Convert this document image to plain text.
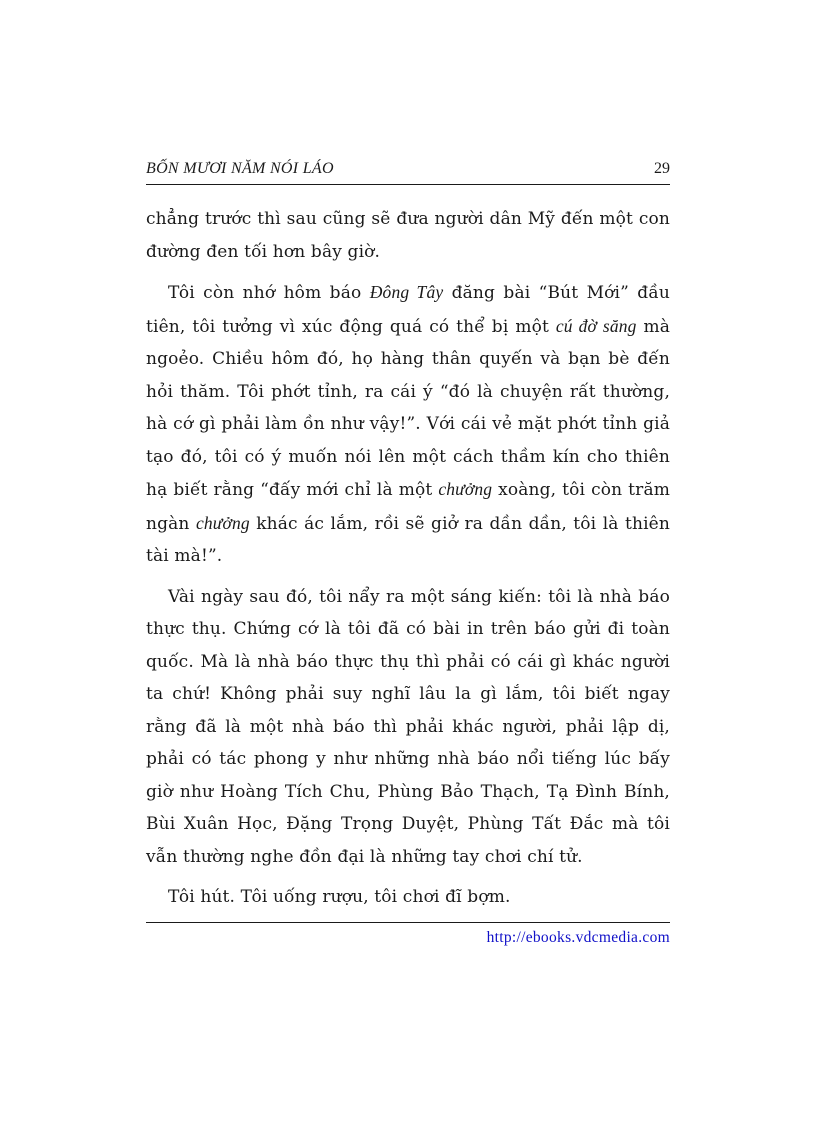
BỐN MƯƠI NĂM NÓI LÁO	29

chẳng trước thì sau cũng sẽ đưa người dân Mỹ đến một con đường đen tối hơn bây giờ.

Tôi còn nhớ hôm báo Đông Tây đăng bài “Bút Mới” đầu tiên, tôi tưởng vì xúc động quá có thể bị một cú đờ săng mà ngoẻo. Chiều hôm đó, họ hàng thân quyến và bạn bè đến hỏi thăm. Tôi phớt tỉnh, ra cái ý “đó là chuyện rất thường, hà cớ gì phải làm ồn như vậy!”. Với cái vẻ mặt phớt tỉnh giả tạo đó, tôi có ý muốn nói lên một cách thầm kín cho thiên hạ biết rằng “đấy mới chỉ là một chưởng xoàng, tôi còn trăm ngàn chưởng khác ác lắm, rồi sẽ giở ra dần dần, tôi là thiên tài mà!”.

Vài ngày sau đó, tôi nẩy ra một sáng kiến: tôi là nhà báo thực thụ. Chứng cớ là tôi đã có bài in trên báo gửi đi toàn quốc. Mà là nhà báo thực thụ thì phải có cái gì khác người ta chứ! Không phải suy nghĩ lâu la gì lắm, tôi biết ngay rằng đã là một nhà báo thì phải khác người, phải lập dị, phải có tác phong y như những nhà báo nổi tiếng lúc bấy giờ như Hoàng Tích Chu, Phùng Bảo Thạch, Tạ Đình Bính, Bùi Xuân Học, Đặng Trọng Duyệt, Phùng Tất Đắc mà tôi vẫn thường nghe đồn đại là những tay chơi chí tử.

Tôi hút. Tôi uống rượu, tôi chơi đĩ bợm.

http://ebooks.vdcmedia.com
